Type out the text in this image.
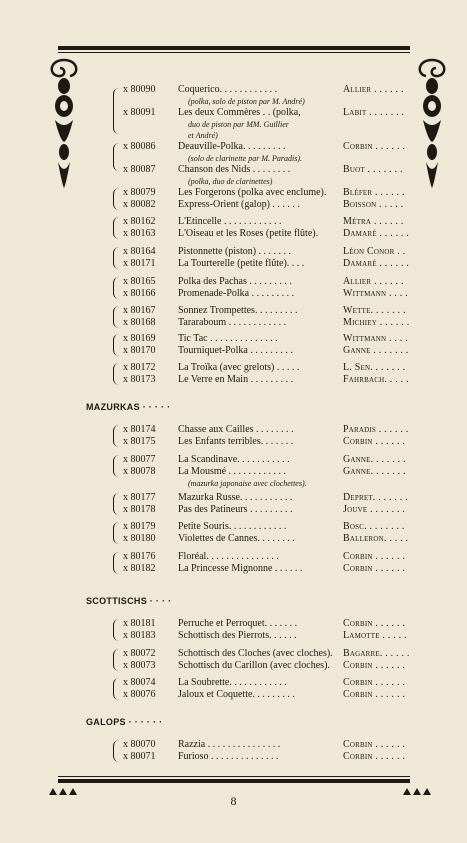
x 80090	Coquerico. . . . . . . . . . . .	Allier . . . . . .
(polka, solo de piston par M. André)
x 80091	Les deux Commères . . (polka,	Labit . . . . . . .
duo de piston par MM. Guillier
et André)
x 80086	Deauville-Polka. . . . . . . . .	Corbin . . . . . .
(solo de clarinette par M. Paradis).
x 80087	Chanson des Nids . . . . . . . .	Buot . . . . . . .
(polka, duo de clarinettes)
x 80079	Les Forgerons (polka avec enclume).	Bléfer . . . . . .
x 80082	Express-Orient (galop) . . . . . .	Boisson . . . . .
x 80162	L'Etincelle . . . . . . . . . . . .	Métra . . . . . .
x 80163	L'Oiseau et les Roses (petite flûte).	Damaré . . . . . .
x 80164	Pistonnette (piston) . . . . . . .	Léon Conor . .
x 80171	La Tourterelle (petite flûte). . . .	Damaré . . . . . .
x 80165	Polka des Pachas . . . . . . . . .	Allier . . . . . .
x 80166	Promenade-Polka . . . . . . . . .	Wittmann . . . .
x 80167	Sonnez Trompettes. . . . . . . . .	Wette. . . . . . .
x 80168	Tararaboum . . . . . . . . . . . .	Michiey . . . . . .
x 80169	Tic Tac . . . . . . . . . . . . . .	Wittmann . . . .
x 80170	Tourniquet-Polka . . . . . . . . .	Ganne . . . . . . .
x 80172	La Troïka (avec grelots) . . . . .	L. Sen. . . . . . .
x 80173	Le Verre en Main . . . . . . . . .	Fahrbach. . . . .
MAZURKAS · · · · ·
x 80174	Chasse aux Cailles . . . . . . . .	Paradis . . . . . .
x 80175	Les Enfants terribles. . . . . . .	Corbin . . . . . .
x 80077	La Scandinave. . . . . . . . . . .	Ganne. . . . . . .
x 80078	La Mousmé . . . . . . . . . . . .	Ganne. . . . . . .
(mazurka japonaise avec clochettes).
x 80177	Mazurka Russe. . . . . . . . . . .	Depret. . . . . . .
x 80178	Pas des Patineurs . . . . . . . . .	Jouve . . . . . . .
x 80179	Petite Souris. . . . . . . . . . . .	Bosc. . . . . . . .
x 80180	Violettes de Cannes. . . . . . . .	Balleron. . . . .
x 80176	Floréal. . . . . . . . . . . . . . .	Corbin . . . . . .
x 80182	La Princesse Mignonne . . . . . .	Corbin . . . . . .
SCOTTISCHS · · · ·
x 80181	Perruche et Perroquet. . . . . . .	Corbin . . . . . .
x 80183	Schottisch des Pierrots. . . . . .	Lamotte . . . . .
x 80072	Schottisch des Cloches (avec cloches).	Bagarre. . . . . .
x 80073	Schottisch du Carillon (avec cloches).	Corbin . . . . . .
x 80074	La Soubrette. . . . . . . . . . . .	Corbin . . . . . .
x 80076	Jaloux et Coquette. . . . . . . . .	Corbin . . . . . .
GALOPS · · · · · ·
x 80070	Razzia . . . . . . . . . . . . . . .	Corbin . . . . . .
x 80071	Furioso . . . . . . . . . . . . . .	Corbin . . . . . .
8
